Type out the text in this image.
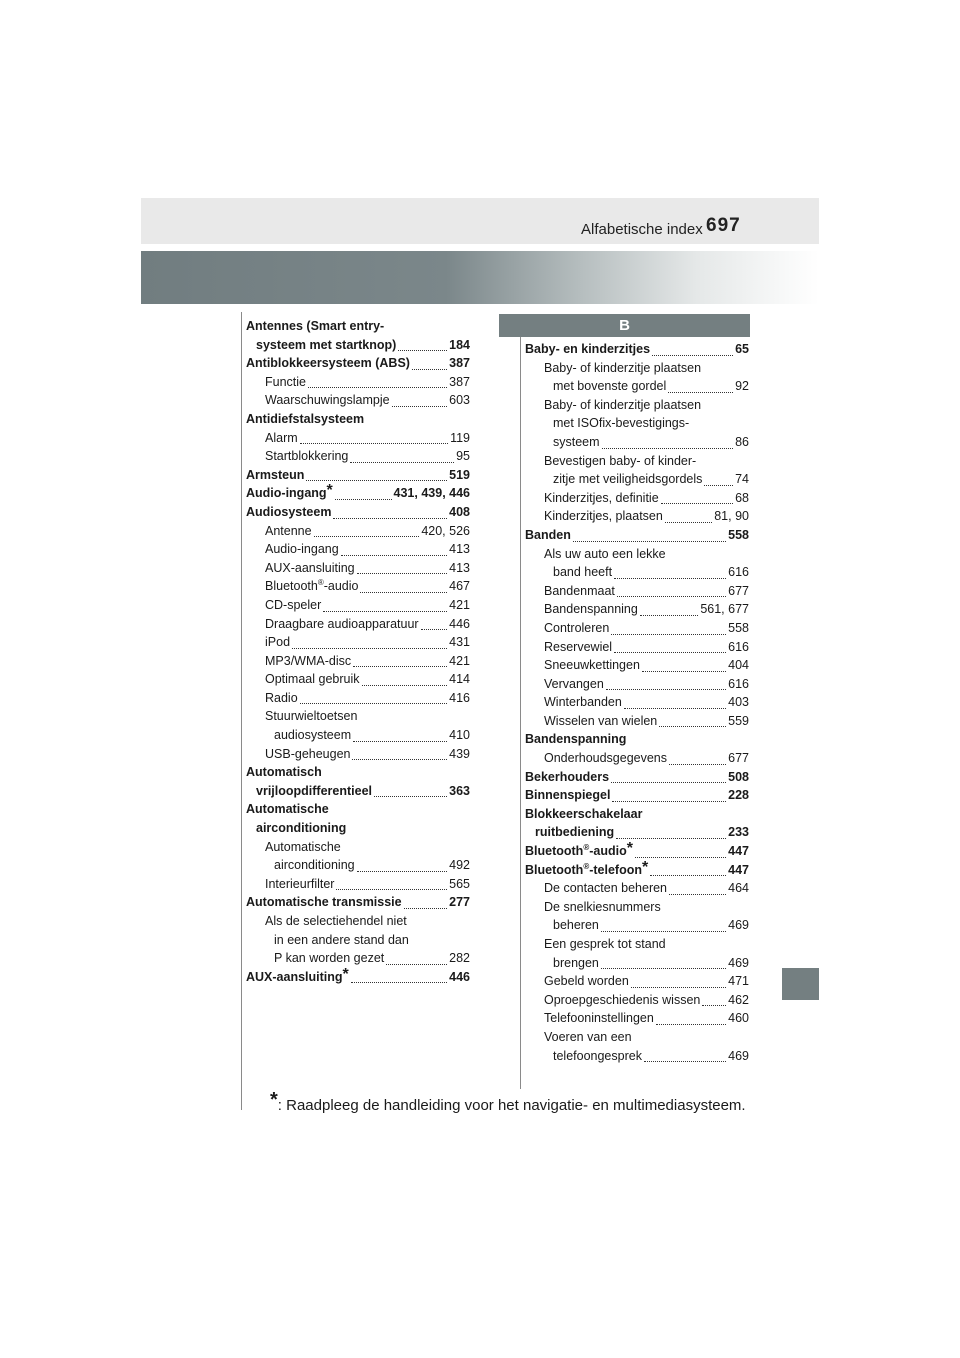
Alfabetische index 697
Antennes (Smart entry-
systeem met startknop)	184
Antiblokkeersysteem (ABS)	387
Functie	387
Waarschuwingslampje	603
Antidiefstalsysteem
Alarm	119
Startblokkering	95
Armsteun	519
Audio-ingang*	431, 439, 446
Audiosysteem	408
Antenne	420, 526
Audio-ingang	413
AUX-aansluiting	413
Bluetooth®-audio	467
CD-speler	421
Draagbare audioapparatuur 446
iPod	431
MP3/WMA-disc	421
Optimaal gebruik	414
Radio	416
Stuurwieltoetsen
audiosysteem	410
USB-geheugen	439
Automatisch
vrijloopdifferentieel	363
Automatische
airconditioning
Automatische
airconditioning	492
Interieurfilter	565
Automatische transmissie	277
Als de selectiehendel niet
in een andere stand dan
P kan worden gezet	282
AUX-aansluiting*	446
B
Baby- en kinderzitjes	65
Baby- of kinderzitje plaatsen
met bovenste gordel	92
Baby- of kinderzitje plaatsen
met ISOfix-bevestigings-
systeem	86
Bevestigen baby- of kinder-
zitje met veiligheidsgordels	74
Kinderzitjes, definitie	68
Kinderzitjes, plaatsen	81, 90
Banden	558
Als uw auto een lekke
band heeft	616
Bandenmaat	677
Bandenspanning	561, 677
Controleren	558
Reservewiel	616
Sneeuwkettingen	404
Vervangen	616
Winterbanden	403
Wisselen van wielen	559
Bandenspanning
Onderhoudsgegevens	677
Bekerhouders	508
Binnenspiegel	228
Blokkeerschakelaar
ruitbediening	233
Bluetooth®-audio*	447
Bluetooth®-telefoon*	447
De contacten beheren	464
De snelkiesnummers
beheren	469
Een gesprek tot stand
brengen	469
Gebeld worden	471
Oproepgeschiedenis wissen 462
Telefooninstellingen	460
Voeren van een
telefoongesprek	469
*: Raadpleeg de handleiding voor het navigatie- en multimediasysteem.
